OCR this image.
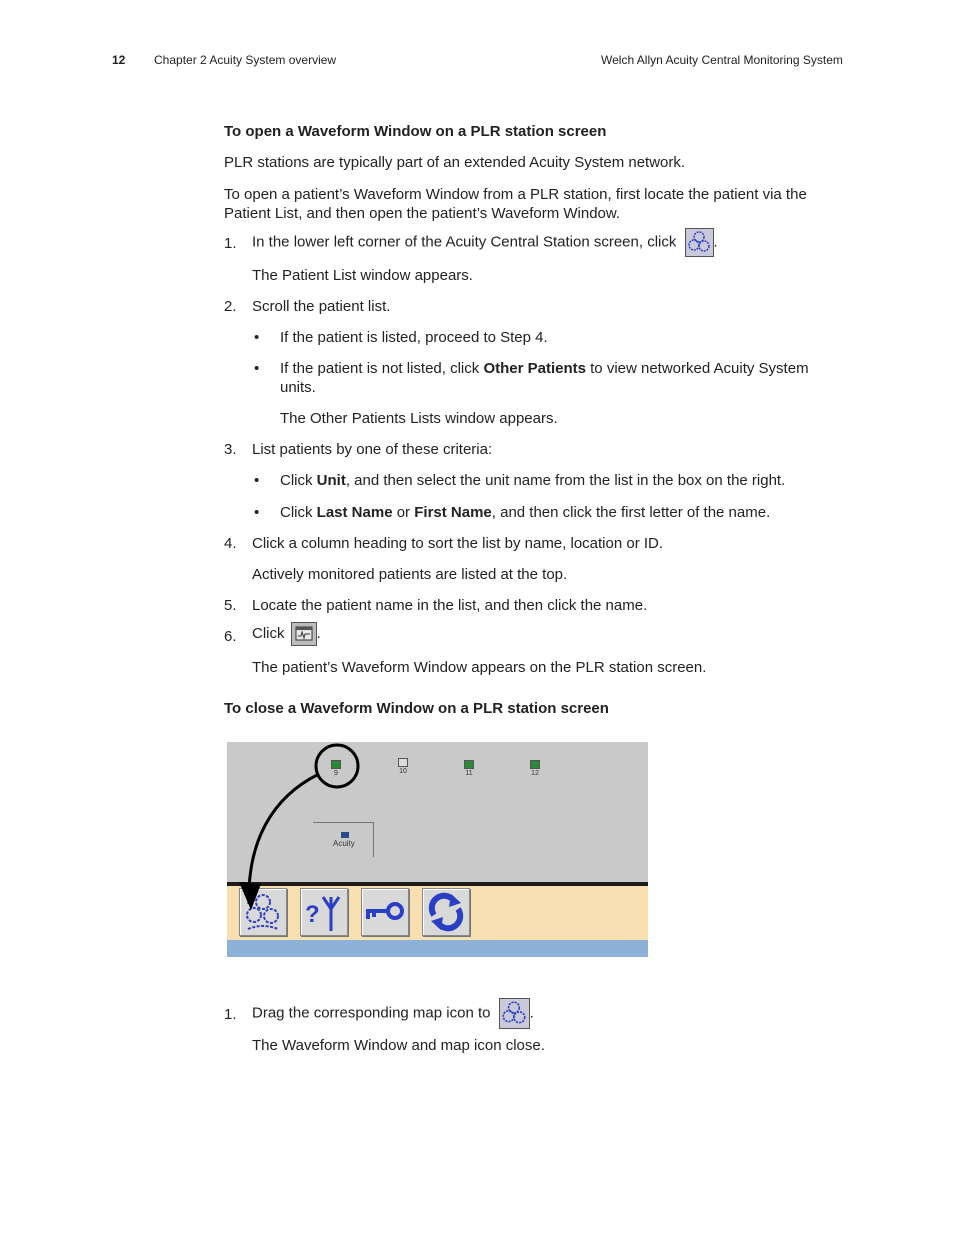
12 Chapter 2 Acuity System overview	Welch Allyn Acuity Central Monitoring System

To open a Waveform Window on a PLR station screen

PLR stations are typically part of an extended Acuity System network.

To open a patient’s Waveform Window from a PLR station, first locate the patient via the Patient List, and then open the patient’s Waveform Window.

1. In the lower left corner of the Acuity Central Station screen, click .

The Patient List window appears.

2. Scroll the patient list.

• If the patient is listed, proceed to Step 4.

• If the patient is not listed, click Other Patients to view networked Acuity System units.

The Other Patients Lists window appears.

3. List patients by one of these criteria:

• Click Unit, and then select the unit name from the list in the box on the right.

• Click Last Name or First Name, and then click the first letter of the name.

4. Click a column heading to sort the list by name, location or ID.

Actively monitored patients are listed at the top.

5. Locate the patient name in the list, and then click the name.

6. Click .

The patient’s Waveform Window appears on the PLR station screen.

To close a Waveform Window on a PLR station screen

9	10	11	12
Acuity
?
1. Drag the corresponding map icon to	.

The Waveform Window and map icon close.
